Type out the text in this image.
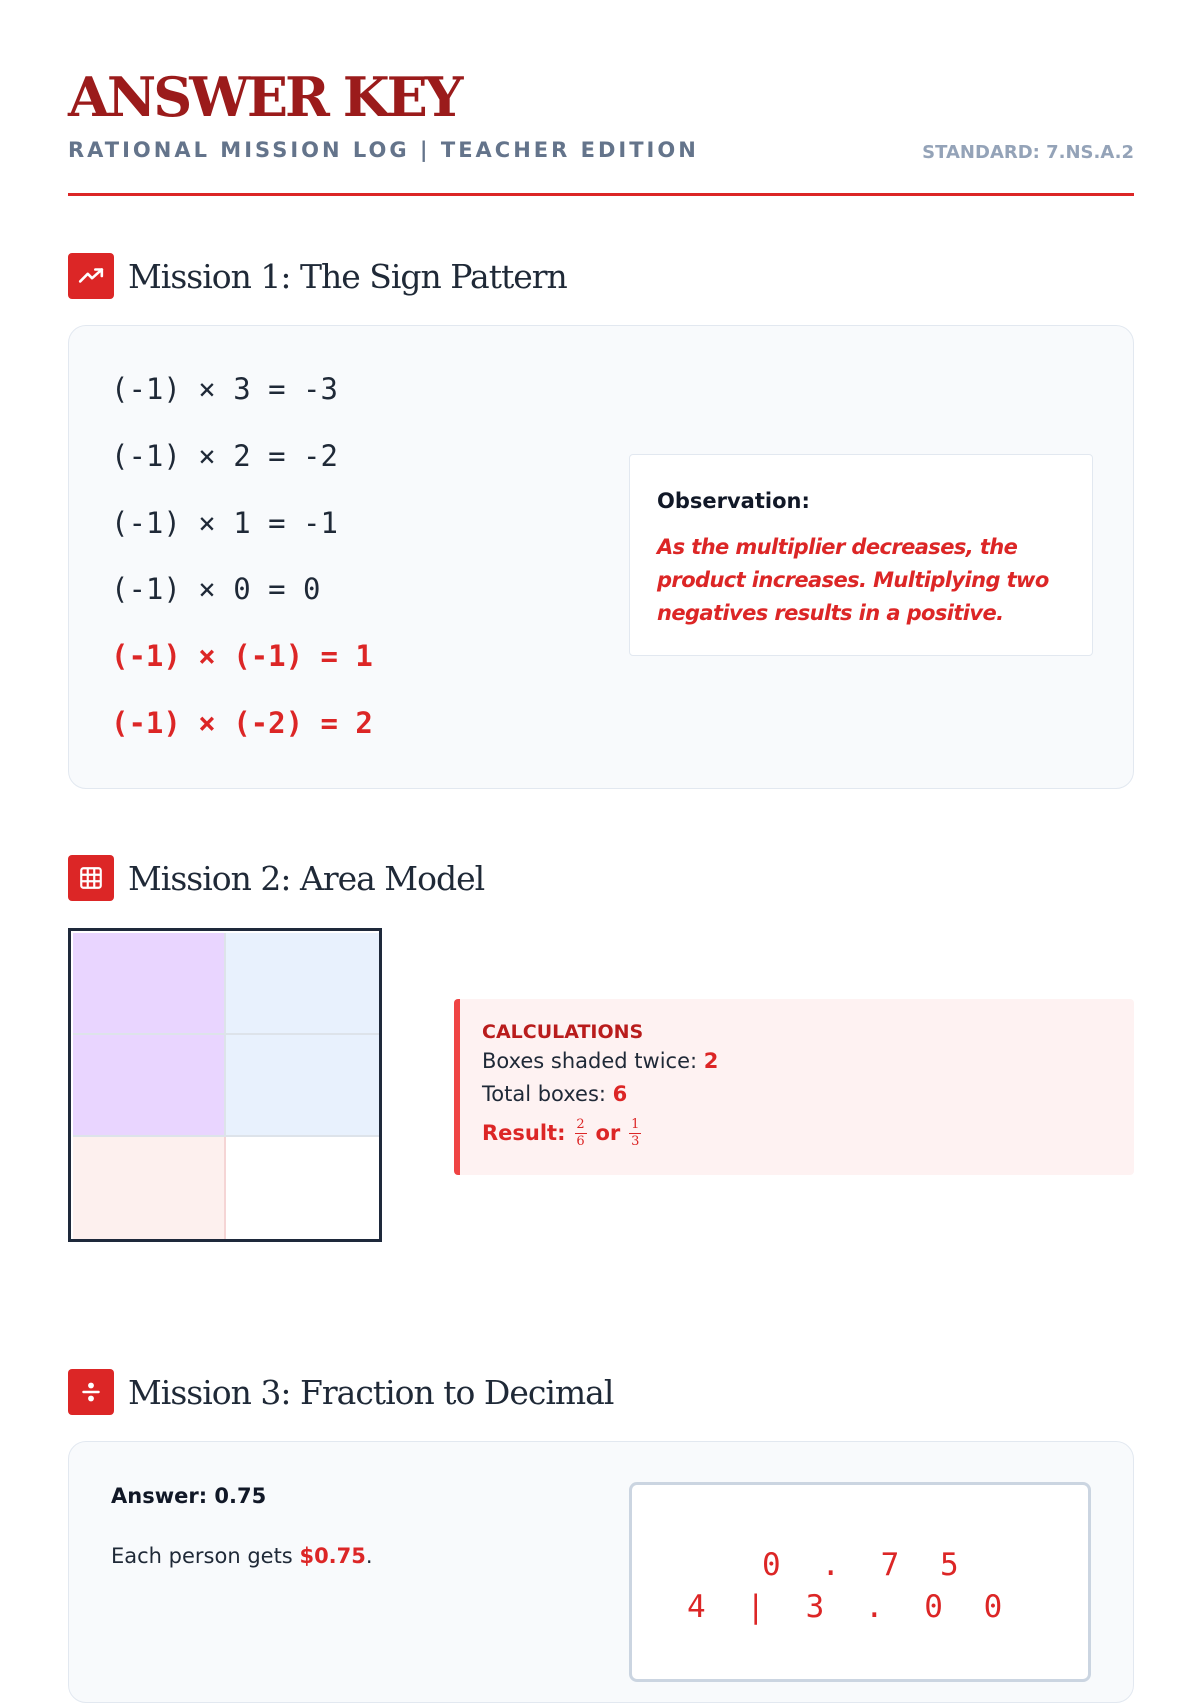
ANSWER KEY
RATIONAL MISSION LOG | TEACHER EDITION	STANDARD: 7.NS.A.2
Mission 1: The Sign Pattern
(-1) × 3 = -3
(-1) × 2 = -2
(-1) × 1 = -1
(-1) × 0 = 0
(-1) × (-1) = 1
(-1) × (-2) = 2
Observation:
As the multiplier decreases, the product increases. Multiplying two negatives results in a positive.
Mission 2: Area Model
CALCULATIONS
Boxes shaded twice: 2
Total boxes: 6
Result: $\frac{2}{6}$ or $\frac{1}{3}$
Mission 3: Fraction to Decimal
Answer: 0.75
Each person gets $0.75.	0 . 7 5
4 | 3 . 0 0
